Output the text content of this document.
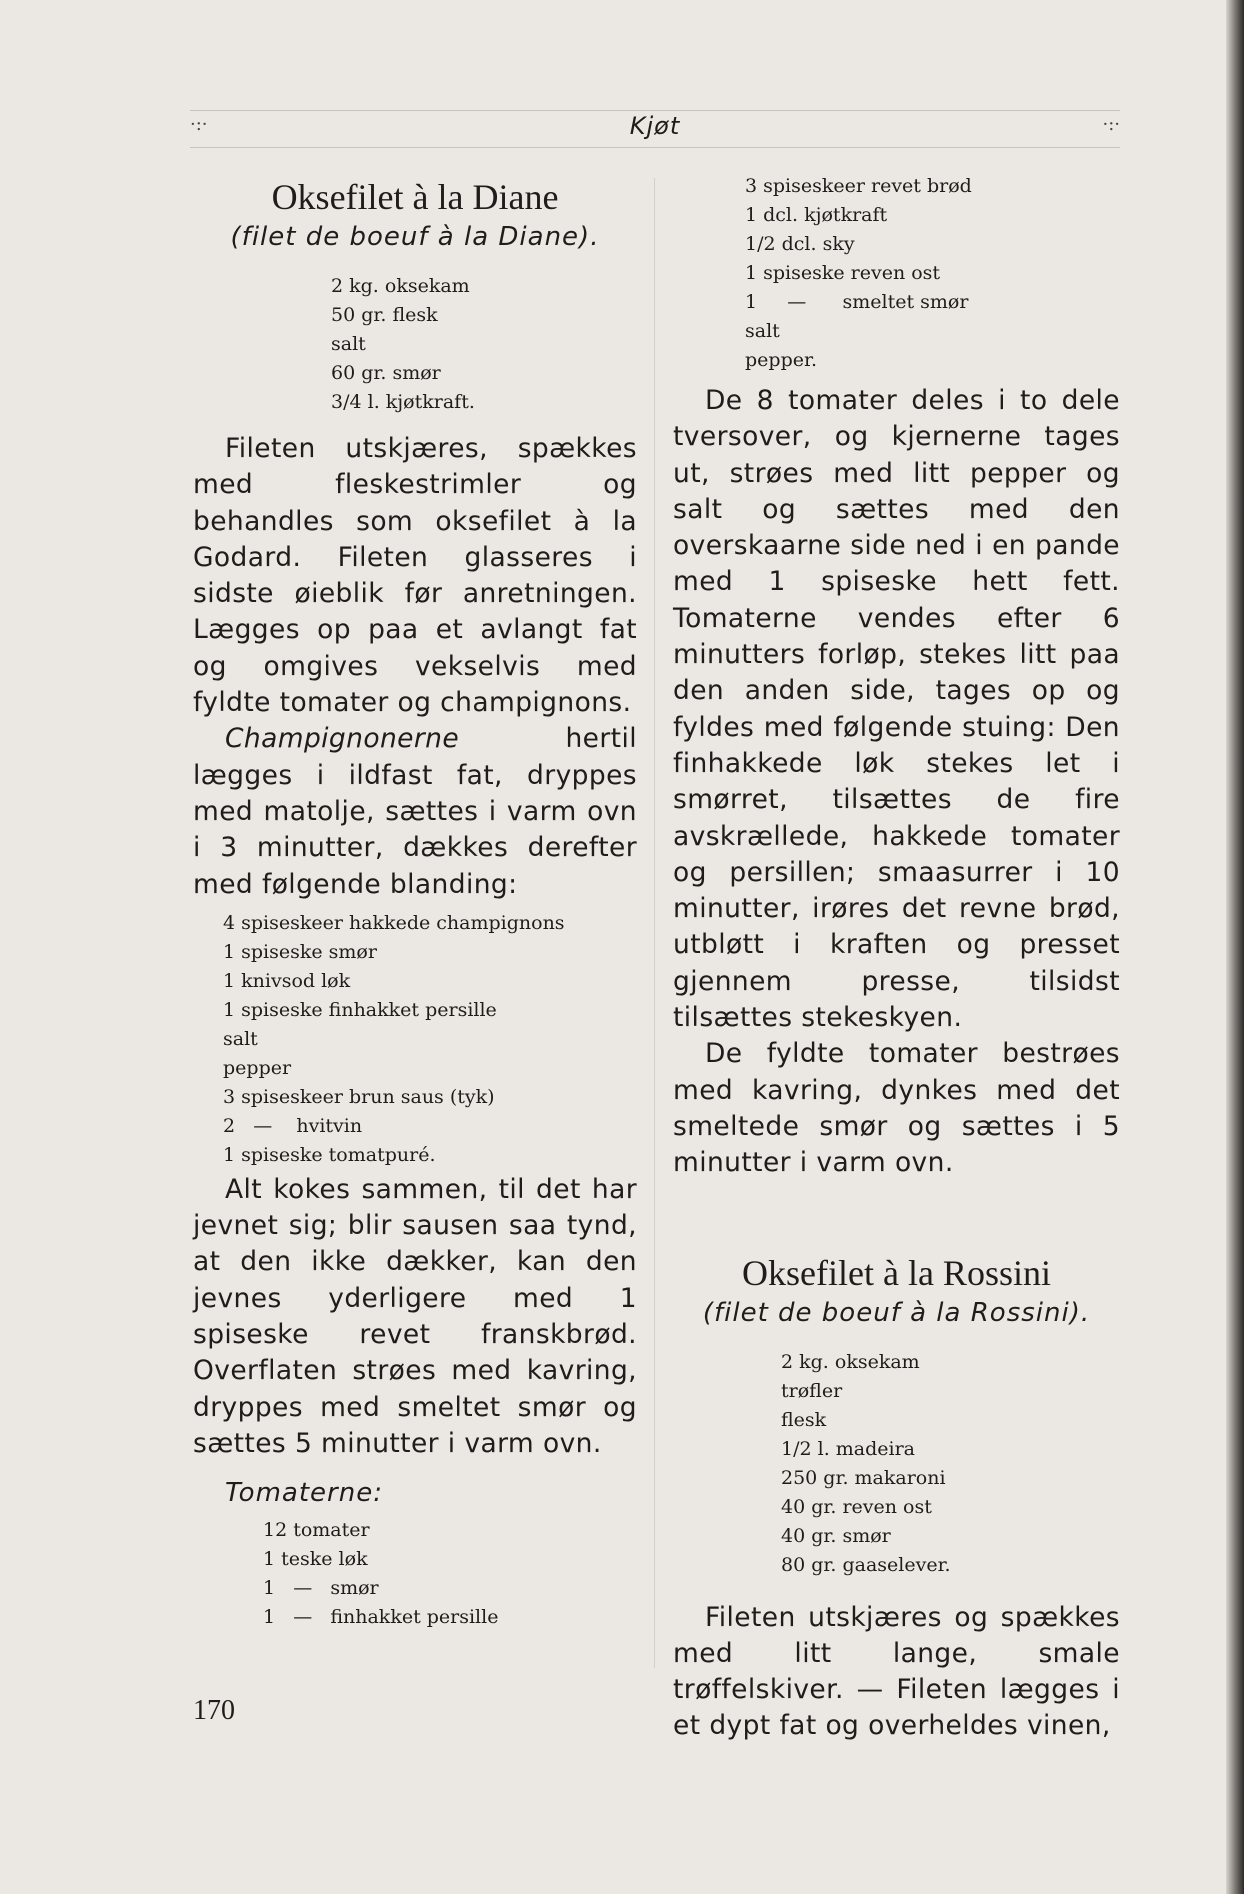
·:·	Kjøt	·:·
Oksefilet à la Diane
(filet de boeuf à la Diane).
2 kg. oksekam
50 gr. flesk
salt
60 gr. smør
3/4 l. kjøtkraft.

Fileten utskjæres, spækkes med fleskestrimler og behandles som oksefilet à la Godard. Fileten glasseres i sidste øieblik før anretningen. Lægges op paa et avlangt fat og omgives vekselvis med fyldte tomater og champignons.

Champignonerne hertil lægges i ildfast fat, dryppes med matolje, sættes i varm ovn i 3 minutter, dækkes derefter med følgende blanding:

4 spiseskeer hakkede champignons
1 spiseske smør
1 knivsod løk
1 spiseske finhakket persille
salt
pepper
3 spiseskeer brun saus (tyk)
2   —    hvitvin
1 spiseske tomatpuré.

Alt kokes sammen, til det har jevnet sig; blir sausen saa tynd, at den ikke dækker, kan den jevnes yderligere med 1 spiseske revet franskbrød. Overflaten strøes med kavring, dryppes med smeltet smør og sættes 5 minutter i varm ovn.

Tomaterne:
12 tomater
1 teske løk
1   —   smør
1   —   finhakket persille
3 spiseskeer revet brød
1 dcl. kjøtkraft
1/2 dcl. sky
1 spiseske reven ost
1     —      smeltet smør
salt
pepper.

De 8 tomater deles i to dele tversover, og kjernerne tages ut, strøes med litt pepper og salt og sættes med den overskaarne side ned i en pande med 1 spiseske hett fett. Tomaterne vendes efter 6 minutters forløp, stekes litt paa den anden side, tages op og fyldes med følgende stuing: Den finhakkede løk stekes let i smørret, tilsættes de fire avskrællede, hakkede tomater og persillen; smaasurrer i 10 minutter, irøres det revne brød, utbløtt i kraften og presset gjennem presse, tilsidst tilsættes stekeskyen.

De fyldte tomater bestrøes med kavring, dynkes med det smeltede smør og sættes i 5 minutter i varm ovn.

Oksefilet à la Rossini
(filet de boeuf à la Rossini).
2 kg. oksekam
trøfler
flesk
1/2 l. madeira
250 gr. makaroni
40 gr. reven ost
40 gr. smør
80 gr. gaaselever.

Fileten utskjæres og spækkes med litt lange, smale trøffelskiver. — Fileten lægges i et dypt fat og overheldes vinen,

170
